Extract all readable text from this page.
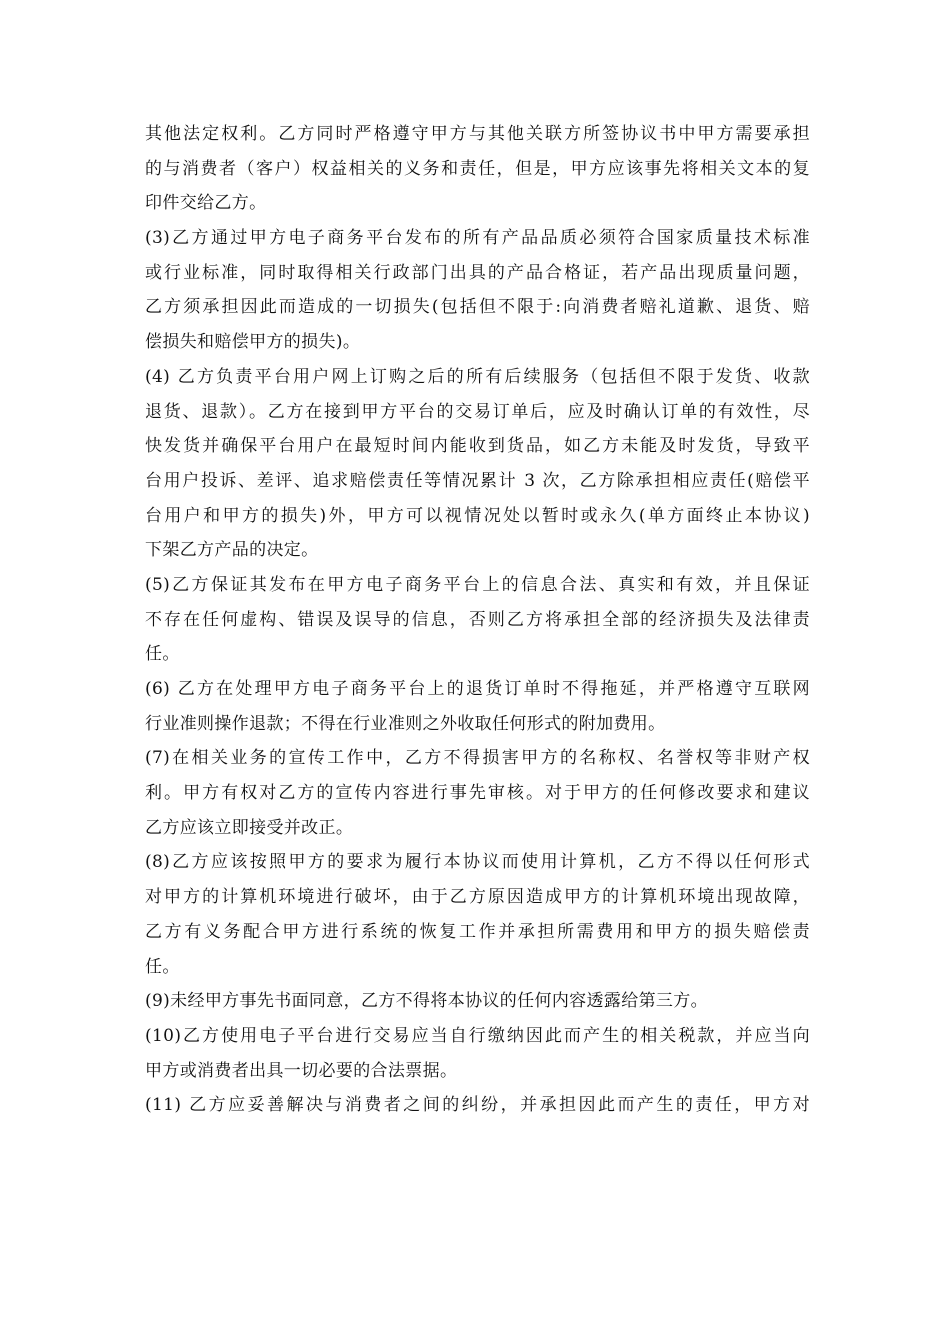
其他法定权利。乙方同时严格遵守甲方与其他关联方所签协议书中甲方需要承担
的与消费者（客户）权益相关的义务和责任，但是，甲方应该事先将相关文本的复
印件交给乙方。
(3)乙方通过甲方电子商务平台发布的所有产品品质必须符合国家质量技术标准
或行业标准，同时取得相关行政部门出具的产品合格证，若产品出现质量问题，
乙方须承担因此而造成的一切损失(包括但不限于:向消费者赔礼道歉、退货、赔
偿损失和赔偿甲方的损失)。
(4) 乙方负责平台用户网上订购之后的所有后续服务（包括但不限于发货、收款
退货、退款）。乙方在接到甲方平台的交易订单后，应及时确认订单的有效性，尽
快发货并确保平台用户在最短时间内能收到货品，如乙方未能及时发货，导致平
台用户投诉、差评、追求赔偿责任等情况累计 3 次，乙方除承担相应责任(赔偿平
台用户和甲方的损失)外，甲方可以视情况处以暂时或永久(单方面终止本协议)
下架乙方产品的决定。
(5)乙方保证其发布在甲方电子商务平台上的信息合法、真实和有效，并且保证
不存在任何虚构、错误及误导的信息，否则乙方将承担全部的经济损失及法律责
任。
(6) 乙方在处理甲方电子商务平台上的退货订单时不得拖延，并严格遵守互联网
行业准则操作退款；不得在行业准则之外收取任何形式的附加费用。
(7)在相关业务的宣传工作中，乙方不得损害甲方的名称权、名誉权等非财产权
利。甲方有权对乙方的宣传内容进行事先审核。对于甲方的任何修改要求和建议
乙方应该立即接受并改正。
(8)乙方应该按照甲方的要求为履行本协议而使用计算机，乙方不得以任何形式
对甲方的计算机环境进行破坏，由于乙方原因造成甲方的计算机环境出现故障，
乙方有义务配合甲方进行系统的恢复工作并承担所需费用和甲方的损失赔偿责
任。
(9)未经甲方事先书面同意，乙方不得将本协议的任何内容透露给第三方。
(10)乙方使用电子平台进行交易应当自行缴纳因此而产生的相关税款，并应当向
甲方或消费者出具一切必要的合法票据。
(11) 乙方应妥善解决与消费者之间的纠纷，并承担因此而产生的责任，甲方对
